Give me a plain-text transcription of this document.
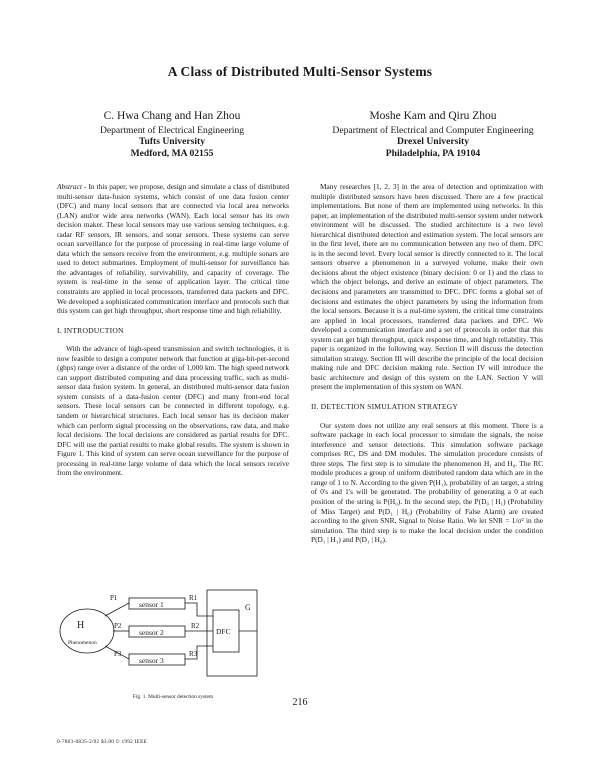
A Class of Distributed Multi-Sensor Systems
C. Hwa Chang and Han Zhou
Department of Electrical Engineering
Tufts University
Medford, MA 02155
Moshe Kam and Qiru Zhou
Department of Electrical and Computer Engineering
Drexel University
Philadelphia, PA 19104

Abstract - In this paper, we propose, design and simulate a class of distributed multi-sensor data-fusion systems, which consist of one data fusion center (DFC) and many local sensors that are connected via local area networks (LAN) and/or wide area networks (WAN). Each local sensor has its own decision maker. These local sensors may use various sensing techniques, e.g. radar RF sensors, IR sensors, and sonar sensors. These systems can serve ocean surveillance for the purpose of processing in real-time large volume of data which the sensors receive from the environment, e.g. multiple sonars are used to detect submarines. Employment of multi-sensor for surveillance has the advantages of reliability, survivability, and capacity of coverage. The system is real-time in the sense of application layer. The critical time constraints are applied in local processors, transferred data packets and DFC. We developed a sophisticated communication interface and protocols such that this system can get high throughput, short response time and high reliability.

I. INTRODUCTION

With the advance of high-speed transmission and switch technologies, it is now feasible to design a computer network that function at giga-bit-per-second (gbps) range over a distance of the order of 1,000 km. The high speed network can support distributed computing and data processing traffic, such as multi-sensor data fusion system. In general, an distributed multi-sensor data fusion system consists of a data-fusion center (DFC) and many front-end local sensors. These local sensors can be connected in different topology, e.g. tandem or hierarchical structures. Each local sensor has its decision maker which can perform signal processing on the observations, raw data, and make local decisions. The local decisions are considered as partial results for DFC. DFC will use the partial results to make global results. The system is shown in Figure 1. This kind of system can serve ocean surveillance for the purpose of processing in real-time large volume of data which the local sensors receive from the environment.

Many researches [1, 2, 3] in the area of detection and optimization with multiple distributed sensors have been discussed. There are a few practical implementations. But none of them are implemented using networks. In this paper, an implementation of the distributed multi-sensor system under network environment will be discussed. The studied architecture is a two level hierarchical distributed detection and estimation system. The local sensors are in the first level, there are no communication between any two of them. DFC is in the second level. Every local sensor is directly connected to it. The local sensors observe a phenomenon in a surveyed volume, make their own decisions about the object existence (binary decision: 0 or 1) and the class to which the object belongs, and derive an estimate of object parameters. The decisions and parameters are transmitted to DFC. DFC forms a global set of decisions and estimates the object parameters by using the information from the local sensors. Because it is a real-time system, the critical time constraints are applied in local processors, transferred data packets and DFC. We developed a communication interface and a set of protocols in order that this system can get high throughput, quick response time, and high reliability. This paper is organized in the following way. Section II will discuss the detection simulation strategy. Section III will describe the principle of the local decision making rule and DFC decision making rule. Section IV will introduce the basic architecture and design of this system on the LAN. Section V will present the implementation of this system on WAN.

II. DETECTION SIMULATION STRATEGY

Our system does not utilize any real sensors at this moment. There is a software package in each local processor to simulate the signals, the noise interference and sensor detections. This simulation software package comprises RC, DS and DM modules. The simulation procedure consists of three steps. The first step is to simulate the phenomenon H₁ and H₀. The RC module produces a group of uniform distributed random data which are in the range of 1 to N. According to the given P(H₁), probability of an target, a string of 0's and 1's will be generated. The probability of generating a 0 at each position of the string is P(H₀). In the second step, the P(D₀ | H₁) (Probability of Miss Target) and P(D₁ | H₀) (Probability of False Alarm) are created according to the given SNR, Signal to Noise Ratio. We let SNR = 1/σ² in the simulation. The third step is to make the local decision under the condition P(D₁ | H₁) and P(D₁ | H₀).

H
Phenomenon
P1
P2
P3
sensor 1
sensor 2
sensor 3
R1
R2
R3
DFC
G
Fig. 1. Multi-sensor detection system	216
0-7803-0835-2/92 $3.00 © 1992 IEEE
